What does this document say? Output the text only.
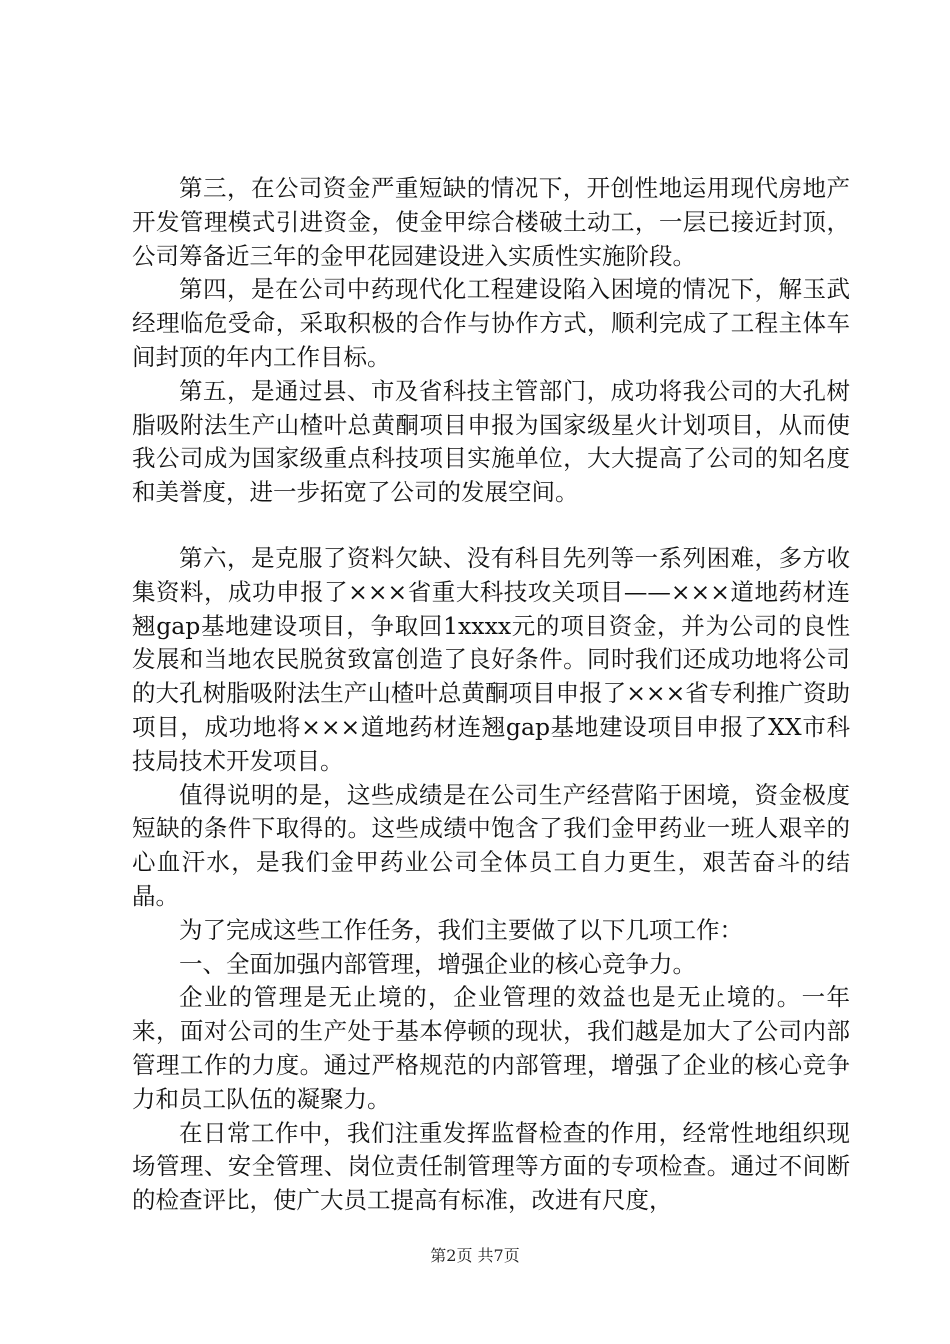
第三，在公司资金严重短缺的情况下，开创性地运用现代房地产开发管理模式引进资金，使金甲综合楼破土动工，一层已接近封顶，公司筹备近三年的金甲花园建设进入实质性实施阶段。

第四，是在公司中药现代化工程建设陷入困境的情况下，解玉武经理临危受命，采取积极的合作与协作方式，顺利完成了工程主体车间封顶的年内工作目标。

第五，是通过县、市及省科技主管部门，成功将我公司的大孔树脂吸附法生产山楂叶总黄酮项目申报为国家级星火计划项目，从而使我公司成为国家级重点科技项目实施单位，大大提高了公司的知名度和美誉度，进一步拓宽了公司的发展空间。

第六，是克服了资料欠缺、没有科目先列等一系列困难，多方收集资料，成功申报了×××省重大科技攻关项目——×××道地药材连翘gap基地建设项目，争取回1xxxx元的项目资金，并为公司的良性发展和当地农民脱贫致富创造了良好条件。同时我们还成功地将公司的大孔树脂吸附法生产山楂叶总黄酮项目申报了×××省专利推广资助项目，成功地将×××道地药材连翘gap基地建设项目申报了XX市科技局技术开发项目。

值得说明的是，这些成绩是在公司生产经营陷于困境，资金极度短缺的条件下取得的。这些成绩中饱含了我们金甲药业一班人艰辛的心血汗水，是我们金甲药业公司全体员工自力更生，艰苦奋斗的结晶。

为了完成这些工作任务，我们主要做了以下几项工作：

一、全面加强内部管理，增强企业的核心竞争力。

企业的管理是无止境的，企业管理的效益也是无止境的。一年来，面对公司的生产处于基本停顿的现状，我们越是加大了公司内部管理工作的力度。通过严格规范的内部管理，增强了企业的核心竞争力和员工队伍的凝聚力。

在日常工作中，我们注重发挥监督检查的作用，经常性地组织现场管理、安全管理、岗位责任制管理等方面的专项检查。通过不间断的检查评比，使广大员工提高有标准，改进有尺度，

第2页 共7页
